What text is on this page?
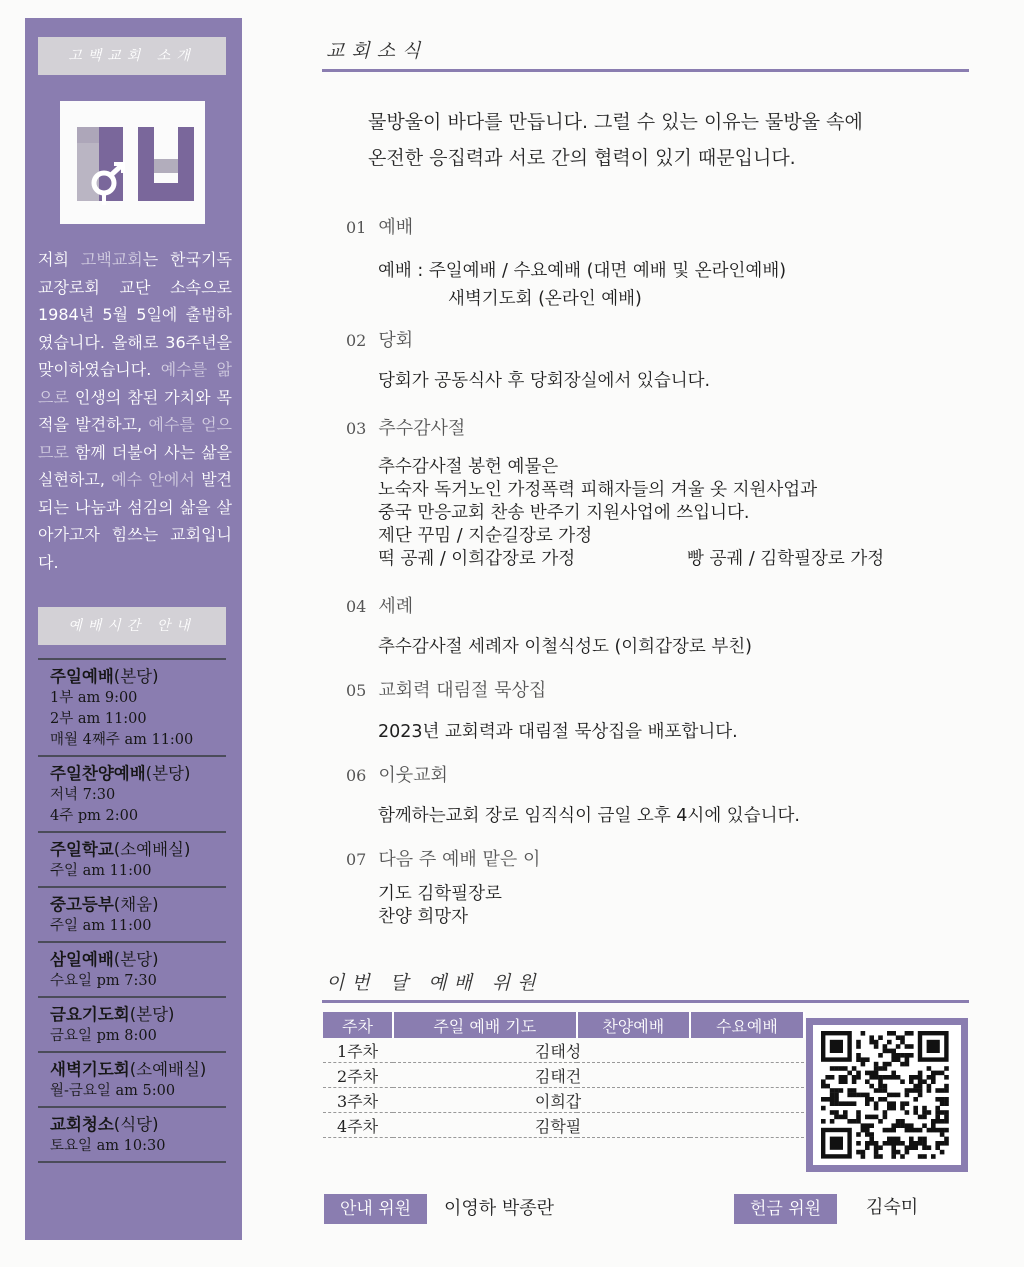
고백교회 소개
저희 고백교회는 한국기독교장로회 교단 소속으로 1984년 5월 5일에 출범하였습니다. 올해로 36주년을 맞이하였습니다. 예수를 앎으로 인생의 참된 가치와 목적을 발견하고, 예수를 얻으므로 함께 더불어 사는 삶을 실현하고, 예수 안에서 발견되는 나눔과 섬김의 삶을 살아가고자 힘쓰는 교회입니다.
예배시간 안내
주일예배(본당)
1부 am 9:00
2부 am 11:00
매월 4째주 am 11:00
주일찬양예배(본당)
저녁 7:30
4주 pm 2:00
주일학교(소예배실)
주일 am 11:00
중고등부(채움)
주일 am 11:00
삼일예배(본당)
수요일 pm 7:30
금요기도회(본당)
금요일 pm 8:00
새벽기도회(소예배실)
월-금요일 am 5:00
교회청소(식당)
토요일 am 10:30
교회소식
물방울이 바다를 만듭니다. 그럴 수 있는 이유는 물방울 속에
온전한 응집력과 서로 간의 협력이 있기 때문입니다.
01 예배
예배 : 주일예배 / 수요예배 (대면 예배 및 온라인예배)
새벽기도회 (온라인 예배)
02 당회
당회가 공동식사 후 당회장실에서 있습니다.
03 추수감사절
추수감사절 봉헌 예물은
노숙자 독거노인 가정폭력 피해자들의 겨울 옷 지원사업과
중국 만응교회 찬송 반주기 지원사업에 쓰입니다.
제단 꾸밈 / 지순길장로 가정
떡 공궤 / 이희갑장로 가정	빵 공궤 / 김학필장로 가정
04 세례
추수감사절 세례자 이철식성도 (이희갑장로 부친)
05 교회력 대림절 묵상집
2023년 교회력과 대림절 묵상집을 배포합니다.
06 이웃교회
함께하는교회 장로 임직식이 금일 오후 4시에 있습니다.
07 다음 주 예배 맡은 이
기도 김학필장로
찬양 희망자
이번 달 예배 위원
주차	주일 예배 기도	찬양예배	수요예배
1주차	김태성		
2주차	김태건		
3주차	이희갑		
4주차	김학필		
안내 위원	이영하 박종란	헌금 위원	김숙미
